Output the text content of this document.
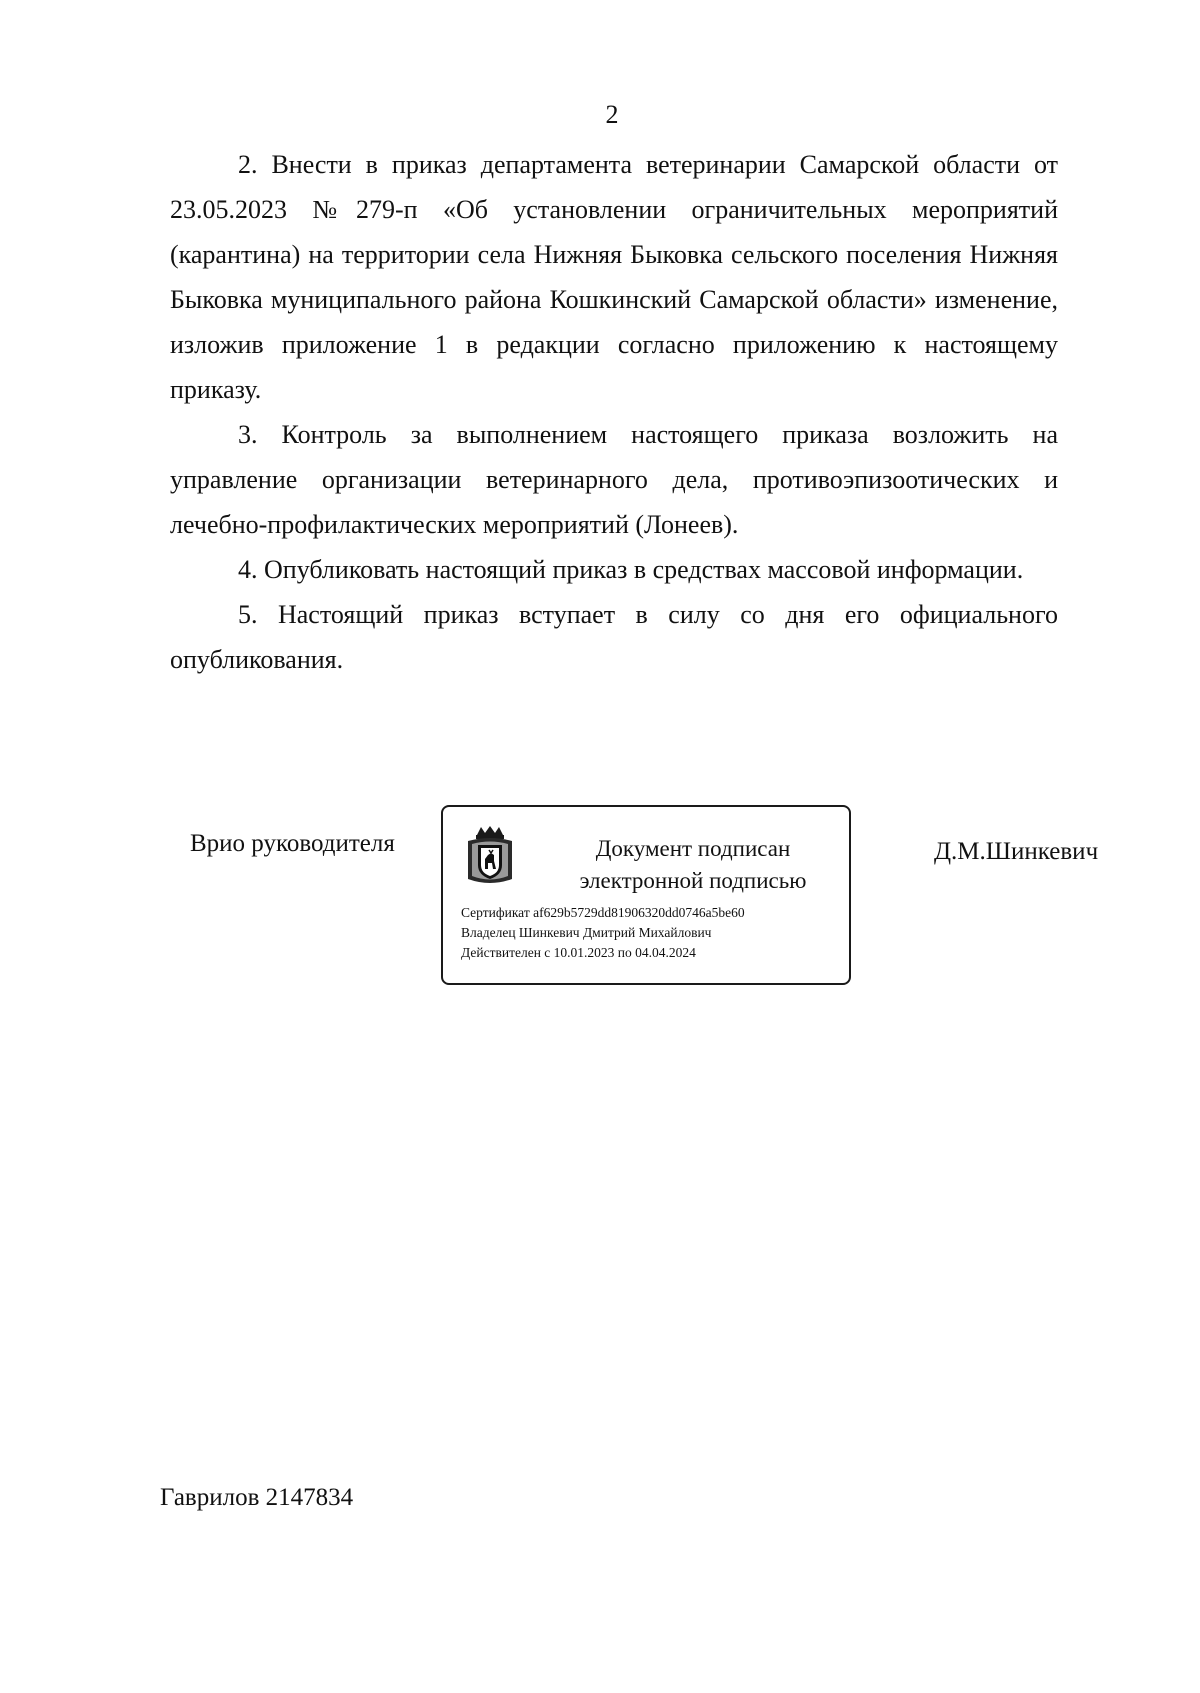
2

2. Внести в приказ департамента ветеринарии Самарской области от 23.05.2023 №279-п «Об установлении ограничительных мероприятий (карантина) на территории села Нижняя Быковка сельского поселения Нижняя Быковка муниципального района Кошкинский Самарской области» изменение, изложив приложение 1 в редакции согласно приложению к настоящему приказу.

3. Контроль за выполнением настоящего приказа возложить на управление организации ветеринарного дела, противоэпизоотических и лечебно-профилактических мероприятий (Лонеев).

4. Опубликовать настоящий приказ в средствах массовой информации.

5. Настоящий приказ вступает в силу со дня его официального опубликования.

Врио руководителя	Документ подписан
электронной подписью
Сертификат af629b5729dd81906320dd0746a5be60
Владелец Шинкевич Дмитрий Михайлович
Действителен с 10.01.2023 по 04.04.2024
Д.М.Шинкевич
Гаврилов 2147834
